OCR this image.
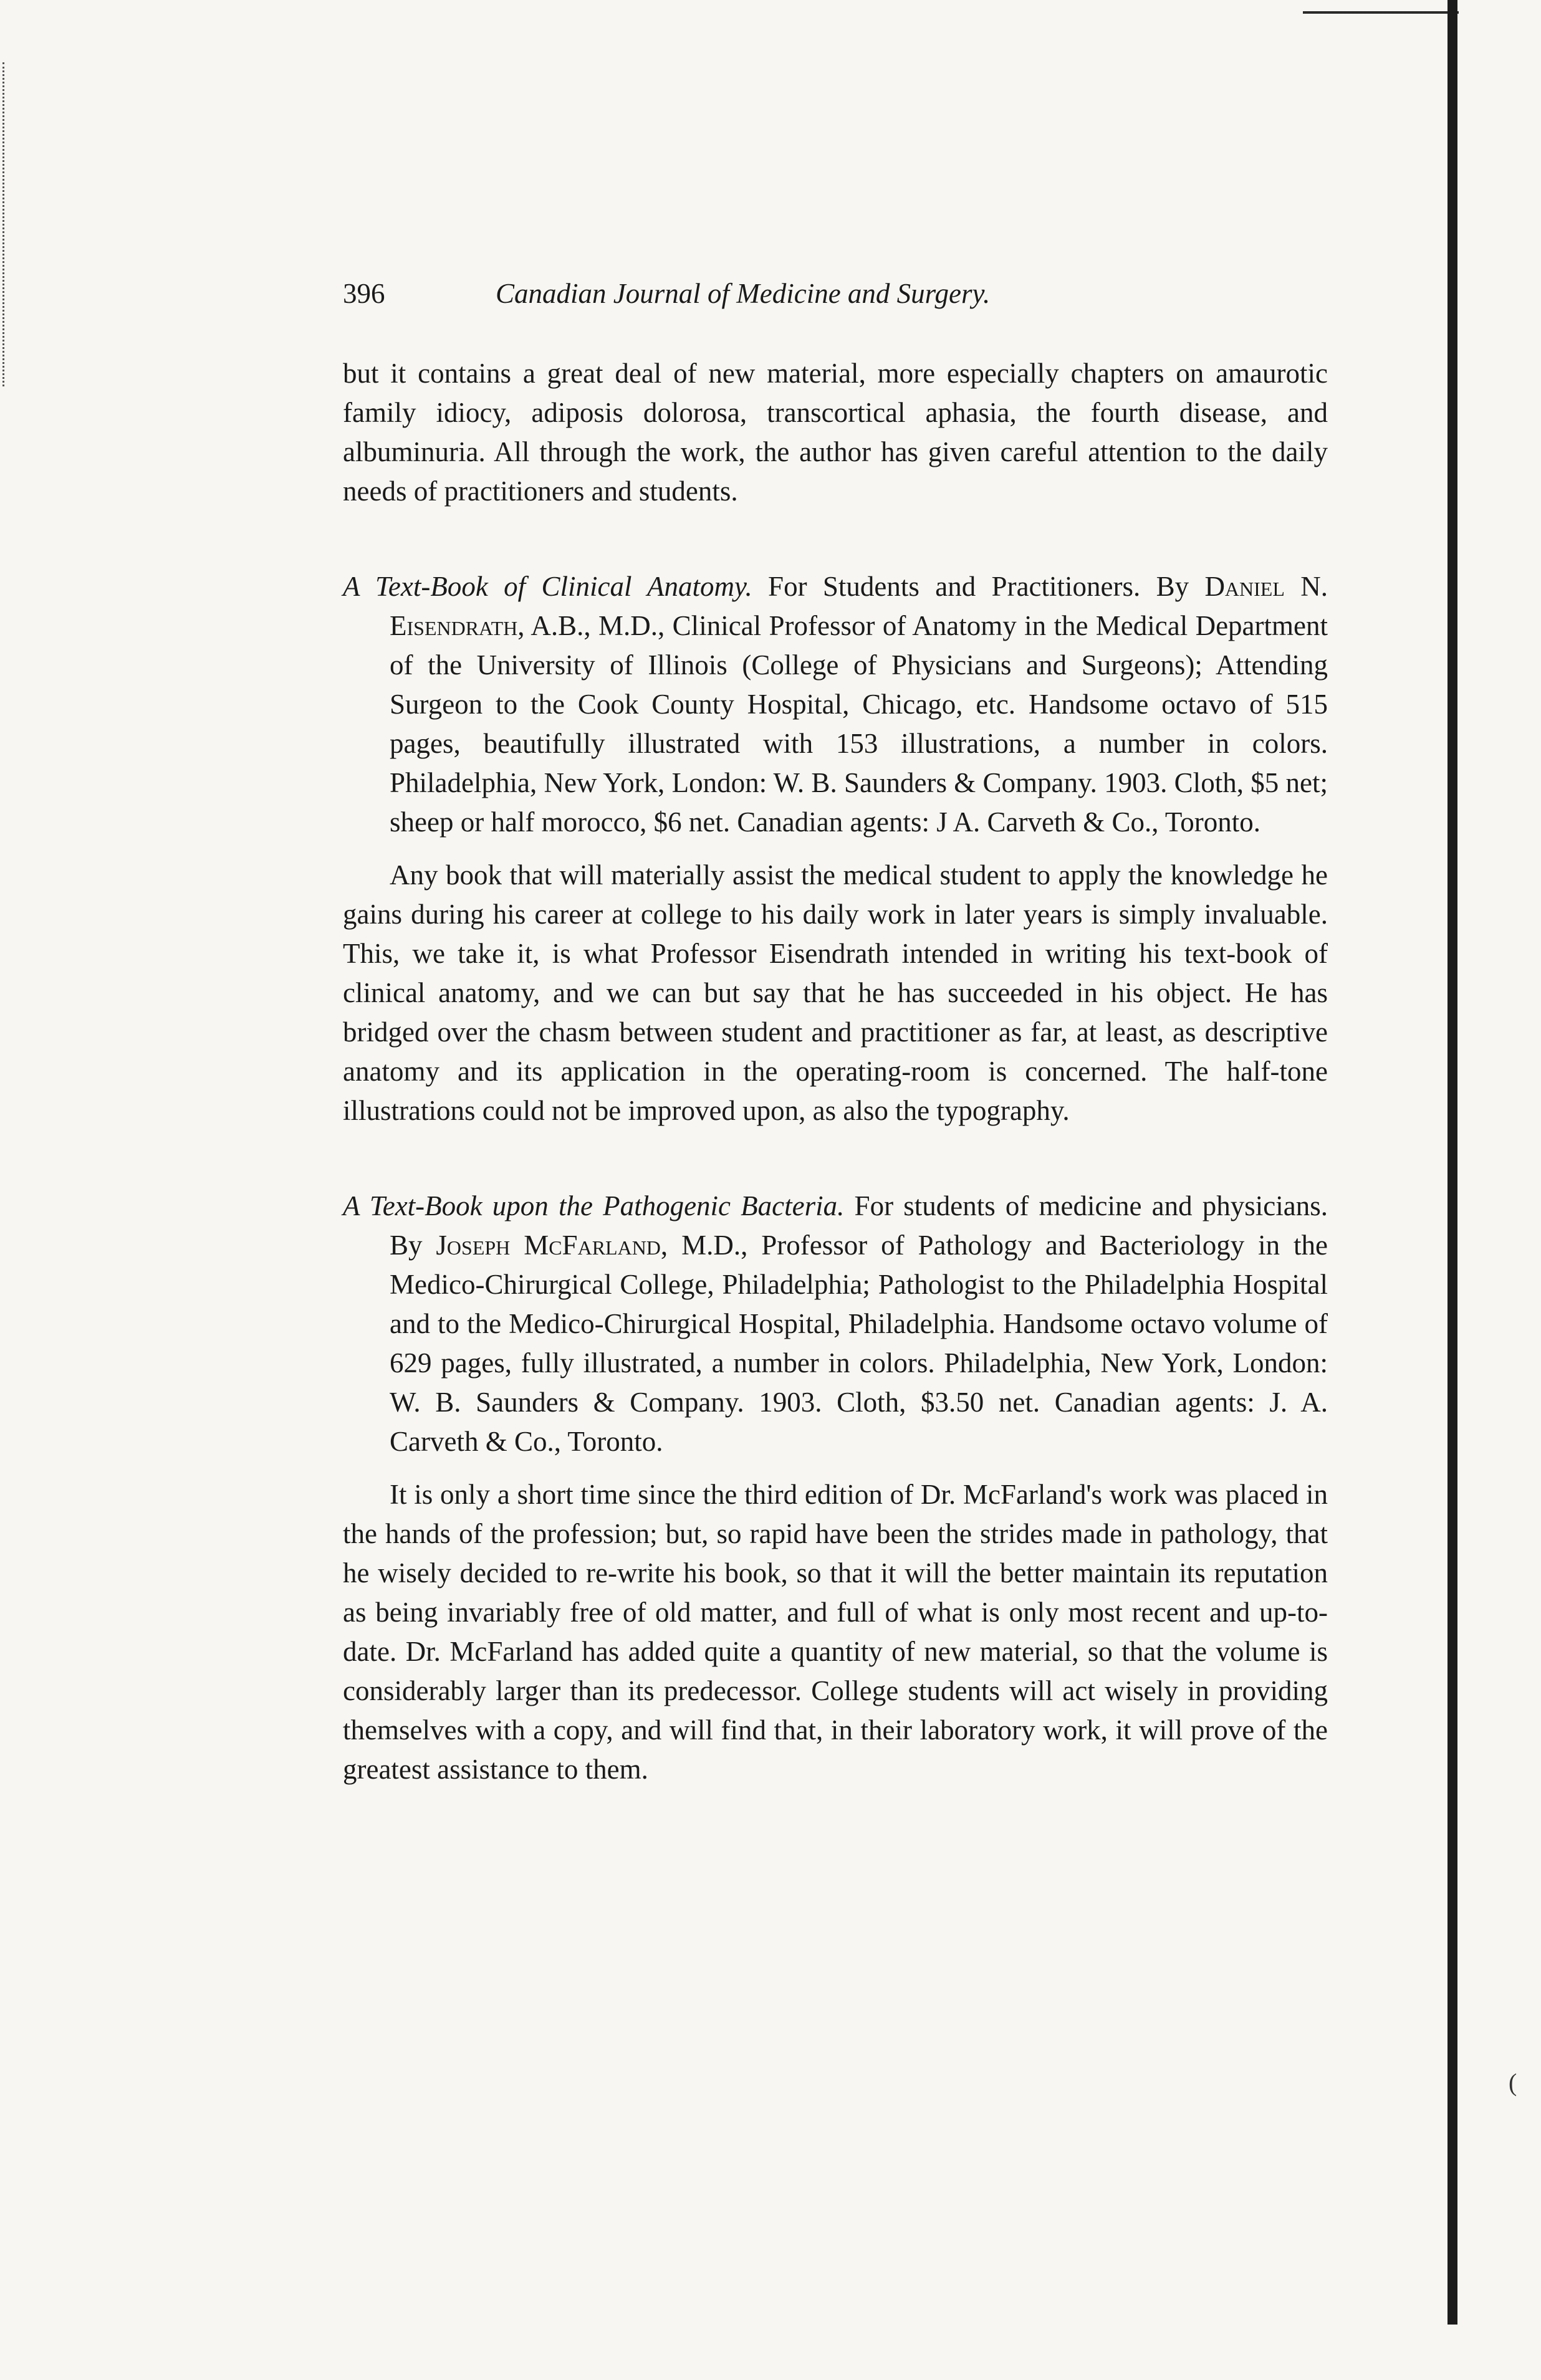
(
396	Canadian Journal of Medicine and Surgery.

but it contains a great deal of new material, more especially chapters on amaurotic family idiocy, adiposis dolorosa, transcortical aphasia, the fourth disease, and albuminuria. All through the work, the author has given careful attention to the daily needs of practitioners and students.

A Text-Book of Clinical Anatomy. For Students and Practitioners. By Daniel N. Eisendrath, A.B., M.D., Clinical Professor of Anatomy in the Medical Department of the University of Illinois (College of Physicians and Surgeons); Attending Surgeon to the Cook County Hospital, Chicago, etc. Handsome octavo of 515 pages, beautifully illustrated with 153 illustrations, a number in colors. Philadelphia, New York, London: W. B. Saunders & Company. 1903. Cloth, $5 net; sheep or half morocco, $6 net. Canadian agents: J A. Carveth & Co., Toronto.

Any book that will materially assist the medical student to apply the knowledge he gains during his career at college to his daily work in later years is simply invaluable. This, we take it, is what Professor Eisendrath intended in writing his text-book of clinical anatomy, and we can but say that he has succeeded in his object. He has bridged over the chasm between student and practitioner as far, at least, as descriptive anatomy and its application in the operating-room is concerned. The half-tone illustrations could not be improved upon, as also the typography.

A Text-Book upon the Pathogenic Bacteria. For students of medicine and physicians. By Joseph McFarland, M.D., Professor of Pathology and Bacteriology in the Medico-Chirurgical College, Philadelphia; Pathologist to the Philadelphia Hospital and to the Medico-Chirurgical Hospital, Philadelphia. Handsome octavo volume of 629 pages, fully illustrated, a number in colors. Philadelphia, New York, London: W. B. Saunders & Company. 1903. Cloth, $3.50 net. Canadian agents: J. A. Carveth & Co., Toronto.

It is only a short time since the third edition of Dr. McFarland's work was placed in the hands of the profession; but, so rapid have been the strides made in pathology, that he wisely decided to re-write his book, so that it will the better maintain its reputation as being invariably free of old matter, and full of what is only most recent and up-to-date. Dr. McFarland has added quite a quantity of new material, so that the volume is considerably larger than its predecessor. College students will act wisely in providing themselves with a copy, and will find that, in their laboratory work, it will prove of the greatest assistance to them.
